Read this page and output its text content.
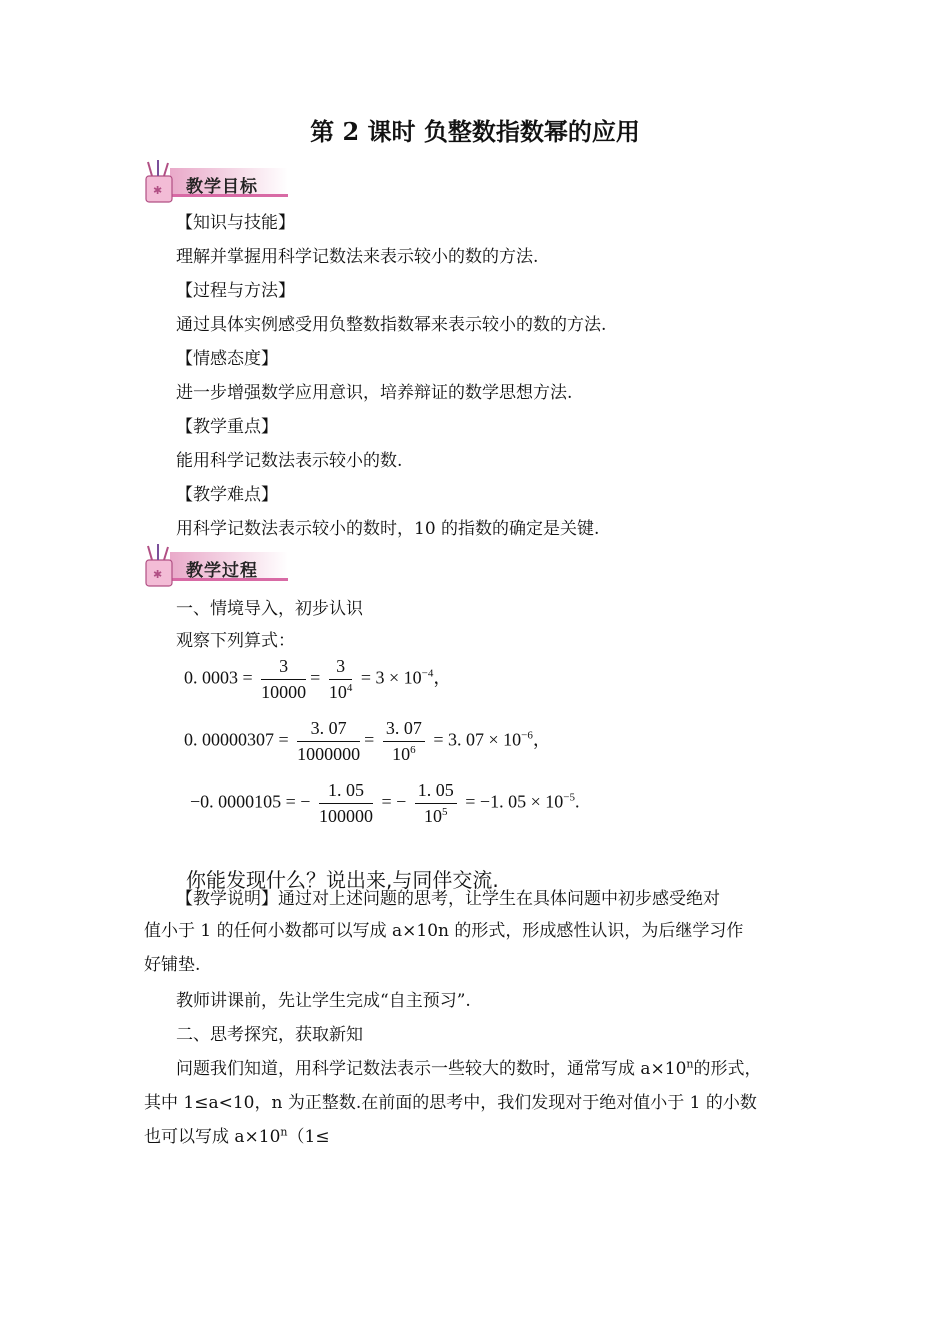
第 2 课时 负整数指数幂的应用
✱ 教学目标

【知识与技能】

理解并掌握用科学记数法来表示较小的数的方法.

【过程与方法】

通过具体实例感受用负整数指数幂来表示较小的数的方法.

【情感态度】

进一步增强数学应用意识，培养辩证的数学思想方法.

【教学重点】

能用科学记数法表示较小的数.

【教学难点】

用科学记数法表示较小的数时，10 的指数的确定是关键.

✱ 教学过程

一、情境导入，初步认识

观察下列算式：

0. $0003 = \frac{3}{10000} = \frac{3}{10^4} = 3 \times 10^{-4}$，
0. $00000307 = \frac{3. 07}{1000000} = \frac{3. 07}{10^6} = 3$. $07 \times 10^{-6}$，
−0. 0000105 = − $\frac{1. 05}{100000}$ = − $\frac{1. 05}{10^5} = -1$. $05 \times 10^{-5}$.

你能发现什么？说出来,与同伴交流.

【教学说明】通过对上述问题的思考，让学生在具体问题中初步感受绝对

值小于 1 的任何小数都可以写成 a×10n 的形式，形成感性认识，为后继学习作

好铺垫.

教师讲课前，先让学生完成“自主预习”.

二、思考探究，获取新知

问题我们知道，用科学记数法表示一些较大的数时，通常写成 $a\times 10^n$的形式，

其中 1≤a<10，n 为正整数.在前面的思考中，我们发现对于绝对值小于 1 的小数

也可以写成 $a\times 10^n(1\le$
